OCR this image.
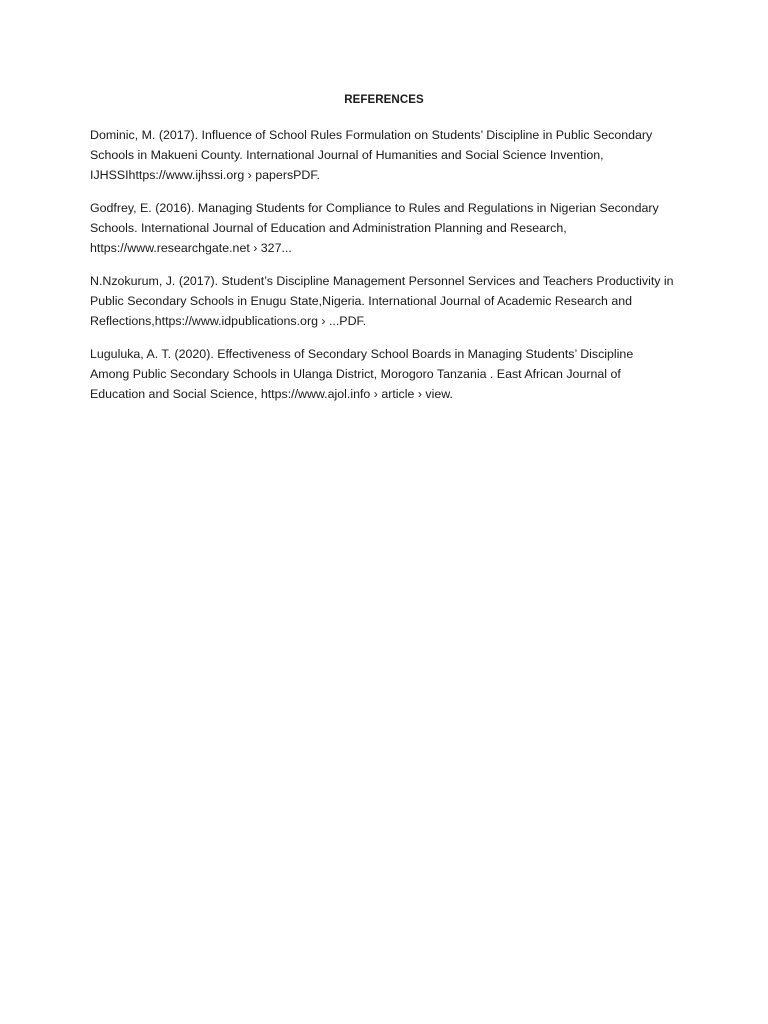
REFERENCES

Dominic, M. (2017). Influence of School Rules Formulation on Students’ Discipline in Public Secondary Schools in Makueni County. International Journal of Humanities and Social Science Invention, IJHSSIhttps://www.ijhssi.org › papersPDF.

Godfrey, E. (2016). Managing Students for Compliance to Rules and Regulations in Nigerian Secondary Schools. International Journal of Education and Administration Planning and Research, https://www.researchgate.net › 327...

N.Nzokurum, J. (2017). Student’s Discipline Management Personnel Services and Teachers Productivity in Public Secondary Schools in Enugu State,Nigeria. International Journal of Academic Research and Reflections,https://www.idpublications.org › ...PDF.

Luguluka, A. T. (2020). Effectiveness of Secondary School Boards in Managing Students’ Discipline Among Public Secondary Schools in Ulanga District, Morogoro Tanzania . East African Journal of Education and Social Science, https://www.ajol.info › article › view.
